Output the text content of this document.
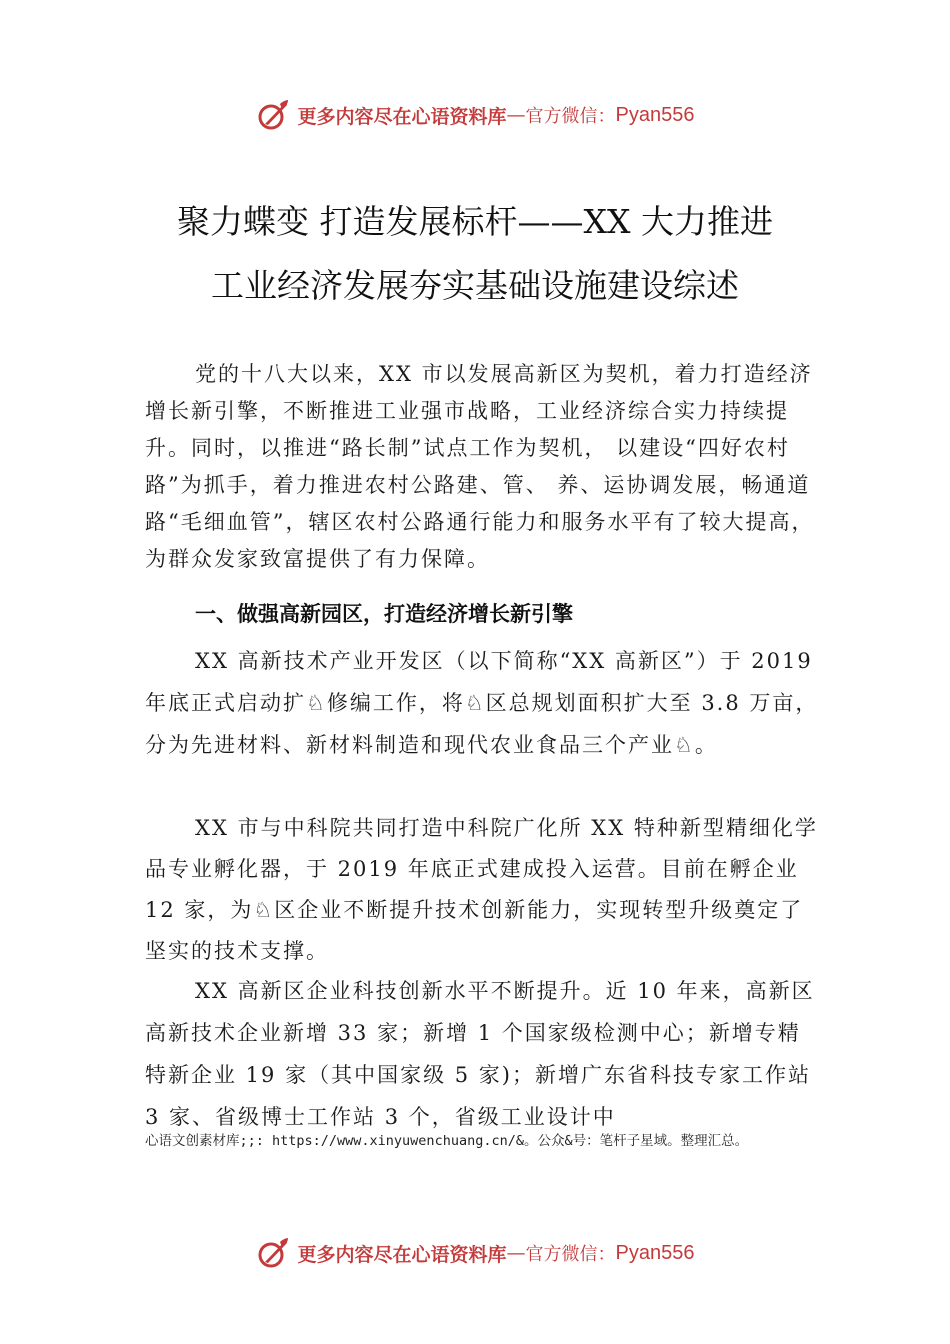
更多内容尽在心语资料库 — 官方微信： Pyan556
聚力蝶变 打造发展标杆——XX 大力推进
工业经济发展夯实基础设施建设综述

党的十八大以来，XX 市以发展高新区为契机，着力打造经济增长新引擎，不断推进工业强市战略，工业经济综合实力持续提升。同时，以推进“路长制”试点工作为契机， 以建设“四好农村路”为抓手，着力推进农村公路建、管、 养、运协调发展，畅通道路“毛细血管”，辖区农村公路通行能力和服务水平有了较大提高，为群众发家致富提供了有力保障。

一、做强高新园区，打造经济增长新引擎

XX 高新技术产业开发区（以下简称“XX 高新区”）于 2019 年底正式启动扩♘修编工作，将♘区总规划面积扩大至 3.8 万亩，分为先进材料、新材料制造和现代农业食品三个产业♘。

XX 市与中科院共同打造中科院广化所 XX 特种新型精细化学品专业孵化器，于 2019 年底正式建成投入运营。目前在孵企业 12 家，为♘区企业不断提升技术创新能力，实现转型升级奠定了坚实的技术支撑。

XX 高新区企业科技创新水平不断提升。近 10 年来，高新区高新技术企业新增 33 家；新增 1 个国家级检测中心；新增专精特新企业 19 家（其中国家级 5 家)；新增广东省科技专家工作站 3 家、省级博士工作站 3 个，省级工业设计中

心语文创素材库;;: https://www.xinyuwenchuang.cn/&。公众&号：笔杆子星域。整理汇总。

更多内容尽在心语资料库 — 官方微信： Pyan556
